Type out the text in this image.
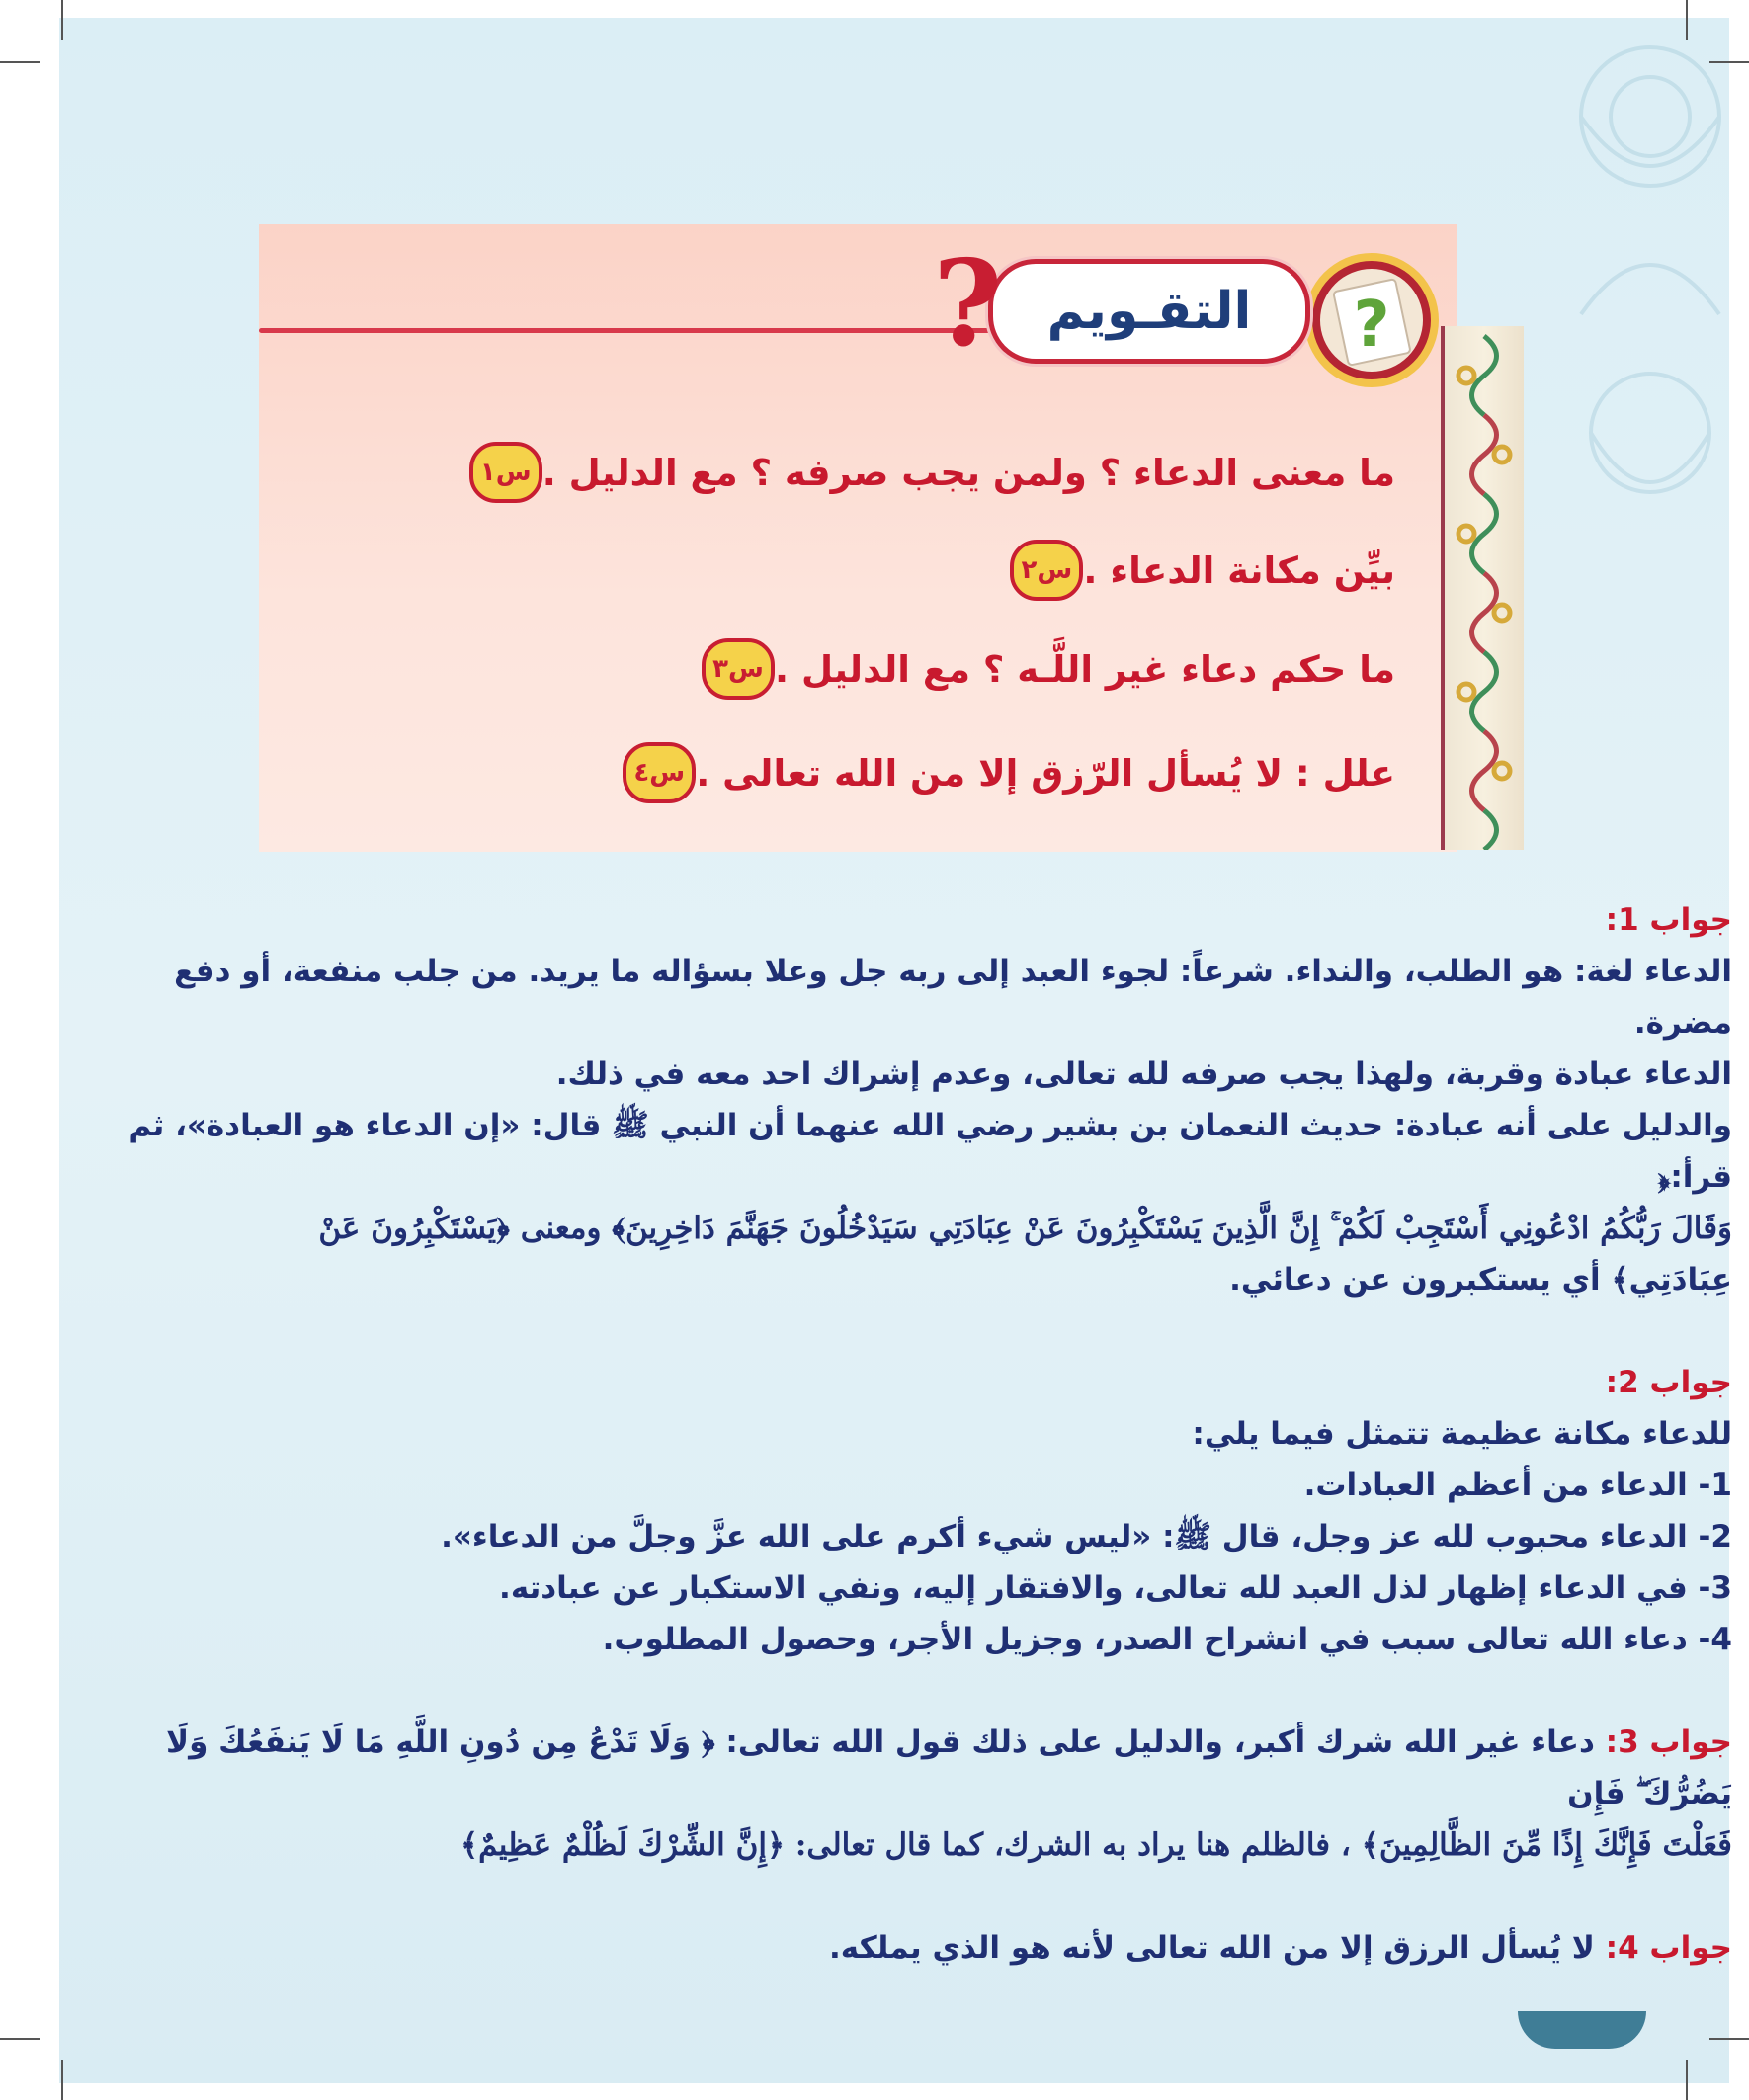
?
التقـويم
?
س١ ما معنى الدعاء ؟ ولمن يجب صرفه ؟ مع الدليل .
س٢ بيِّن مكانة الدعاء .
س٣ ما حكم دعاء غير اللَّـه ؟ مع الدليل .
س٤ علل : لا يُسأل الرّزق إلا من الله تعالى .

جواب 1:

الدعاء لغة: هو الطلب، والنداء. شرعاً: لجوء العبد إلى ربه جل وعلا بسؤاله ما يريد. من جلب منفعة، أو دفع مضرة.

الدعاء عبادة وقربة، ولهذا يجب صرفه لله تعالى، وعدم إشراك احد معه في ذلك.

والدليل على أنه عبادة: حديث النعمان بن بشير رضي الله عنهما أن النبي ﷺ قال: «إن الدعاء هو العبادة»، ثم قرأ:﴿

وَقَالَ رَبُّكُمُ ادْعُونِي أَسْتَجِبْ لَكُمْ ۚ إِنَّ الَّذِينَ يَسْتَكْبِرُونَ عَنْ عِبَادَتِي سَيَدْخُلُونَ جَهَنَّمَ دَاخِرِينَ﴾ ومعنى ﴿يَسْتَكْبِرُونَ عَنْ

عِبَادَتِي﴾ أي يستكبرون عن دعائي.

جواب 2:

للدعاء مكانة عظيمة تتمثل فيما يلي:

1- الدعاء من أعظم العبادات.

2- الدعاء محبوب لله عز وجل، قال ﷺ: «ليس شيء أكرم على الله عزَّ وجلَّ من الدعاء».

3- في الدعاء إظهار لذل العبد لله تعالى، والافتقار إليه، ونفي الاستكبار عن عبادته.

4- دعاء الله تعالى سبب في انشراح الصدر، وجزيل الأجر، وحصول المطلوب.

جواب 3: دعاء غير الله شرك أكبر، والدليل على ذلك قول الله تعالى: ﴿ وَلَا تَدْعُ مِن دُونِ اللَّهِ مَا لَا يَنفَعُكَ وَلَا يَضُرُّكَ ۖ فَإِن

فَعَلْتَ فَإِنَّكَ إِذًا مِّنَ الظَّالِمِينَ﴾ ، فالظلم هنا يراد به الشرك، كما قال تعالى: ﴿إِنَّ الشِّرْكَ لَظُلْمٌ عَظِيمٌ﴾

جواب 4: لا يُسأل الرزق إلا من الله تعالى لأنه هو الذي يملكه.
